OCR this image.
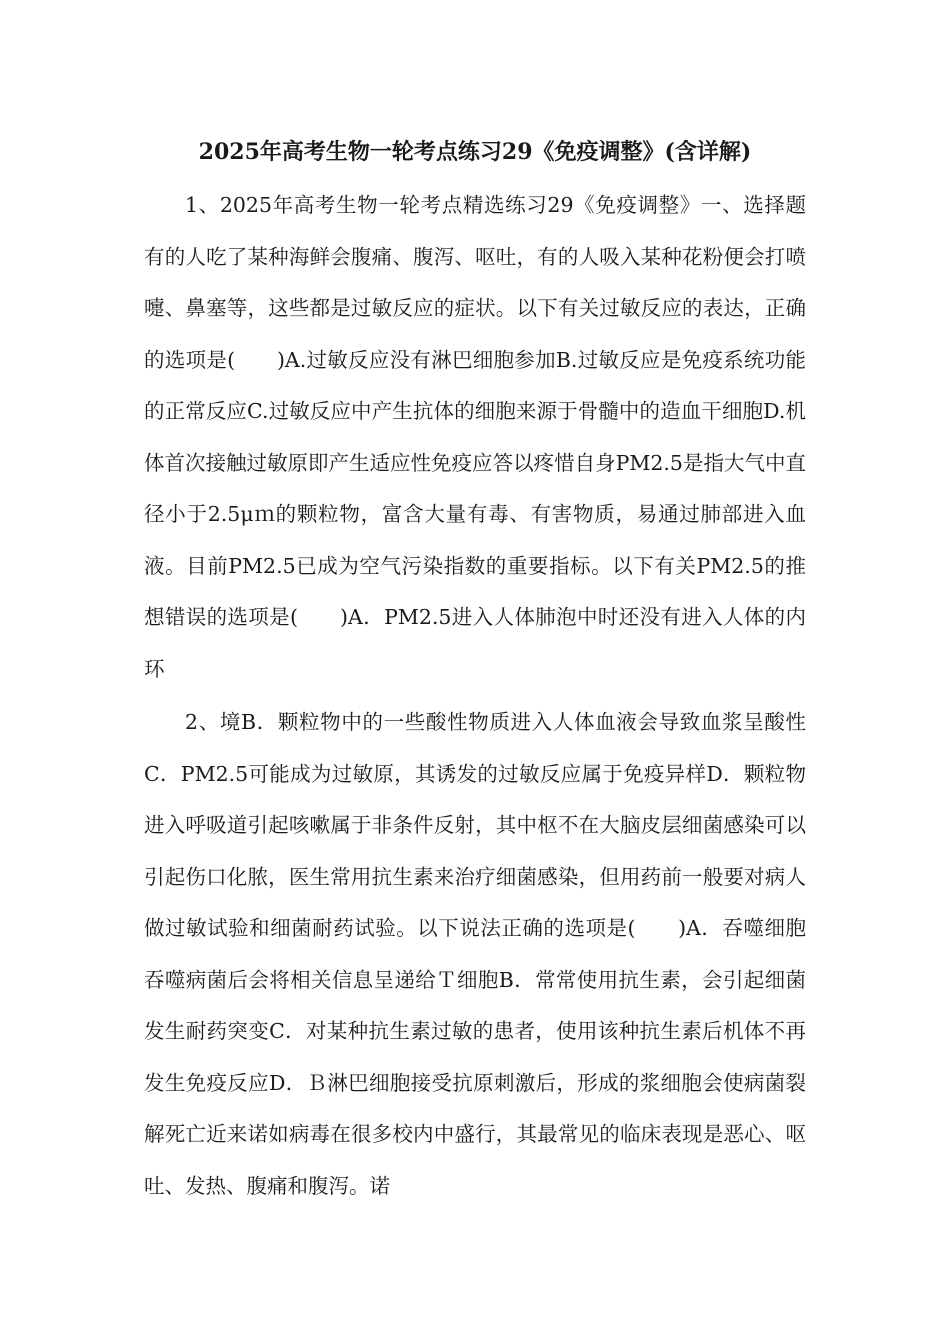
2025年高考生物一轮考点练习29《免疫调整》(含详解)

1、2025年高考生物一轮考点精选练习29《免疫调整》一、选择题有的人吃了某种海鲜会腹痛、腹泻、呕吐，有的人吸入某种花粉便会打喷嚏、鼻塞等，这些都是过敏反应的症状。以下有关过敏反应的表达，正确的选项是(　　)A.过敏反应没有淋巴细胞参加B.过敏反应是免疫系统功能的正常反应C.过敏反应中产生抗体的细胞来源于骨髓中的造血干细胞D.机体首次接触过敏原即产生适应性免疫应答以疼惜自身PM2.5是指大气中直径小于2.5μｍ的颗粒物，富含大量有毒、有害物质，易通过肺部进入血液。目前PM2.5已成为空气污染指数的重要指标。以下有关PM2.5的推想错误的选项是(　　)A．PM2.5进入人体肺泡中时还没有进入人体的内环

2、境B．颗粒物中的一些酸性物质进入人体血液会导致血浆呈酸性C．PM2.5可能成为过敏原，其诱发的过敏反应属于免疫异样D．颗粒物进入呼吸道引起咳嗽属于非条件反射，其中枢不在大脑皮层细菌感染可以引起伤口化脓，医生常用抗生素来治疗细菌感染，但用药前一般要对病人做过敏试验和细菌耐药试验。以下说法正确的选项是(　　)A．吞噬细胞吞噬病菌后会将相关信息呈递给Ｔ细胞B．常常使用抗生素，会引起细菌发生耐药突变C．对某种抗生素过敏的患者，使用该种抗生素后机体不再发生免疫反应D．Ｂ淋巴细胞接受抗原刺激后，形成的浆细胞会使病菌裂解死亡近来诺如病毒在很多校内中盛行，其最常见的临床表现是恶心、呕吐、发热、腹痛和腹泻。诺
